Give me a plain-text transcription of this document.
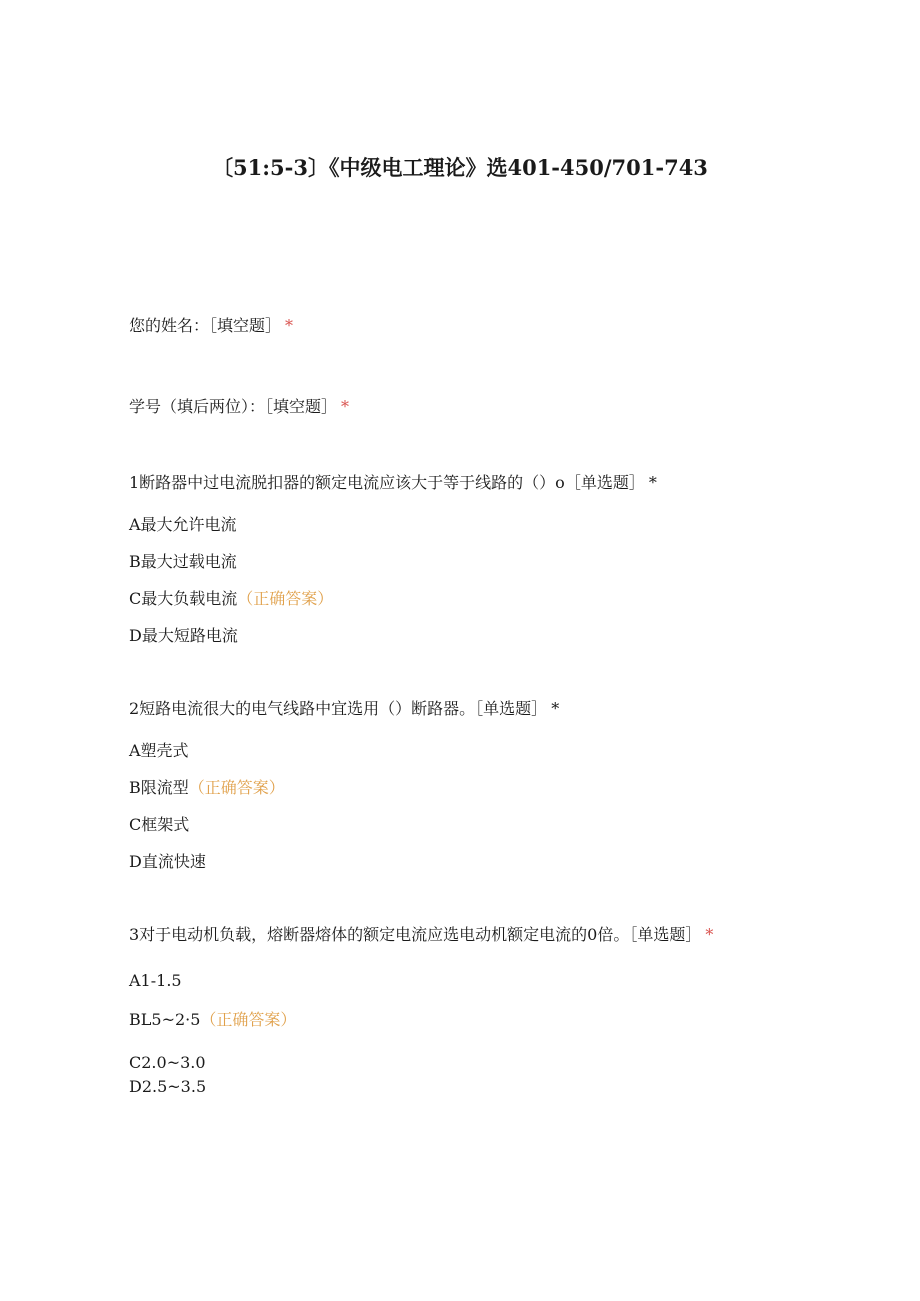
〔51:5-3〕《中级电工理论》选401-450/701-743
您的姓名：［填空题］ *
学号（填后两位）：［填空题］ *
1断路器中过电流脱扣器的额定电流应该大于等于线路的（）o［单选题］ *
A最大允许电流
B最大过载电流
C最大负载电流（正确答案）
D最大短路电流
2短路电流很大的电气线路中宜选用（）断路器。［单选题］ *
A塑壳式
B限流型（正确答案）
C框架式
D直流快速
3对于电动机负载，熔断器熔体的额定电流应选电动机额定电流的0倍。［单选题］ *
A1-1.5
BL5~2·5（正确答案）
C2.0~3.0
D2.5~3.5
